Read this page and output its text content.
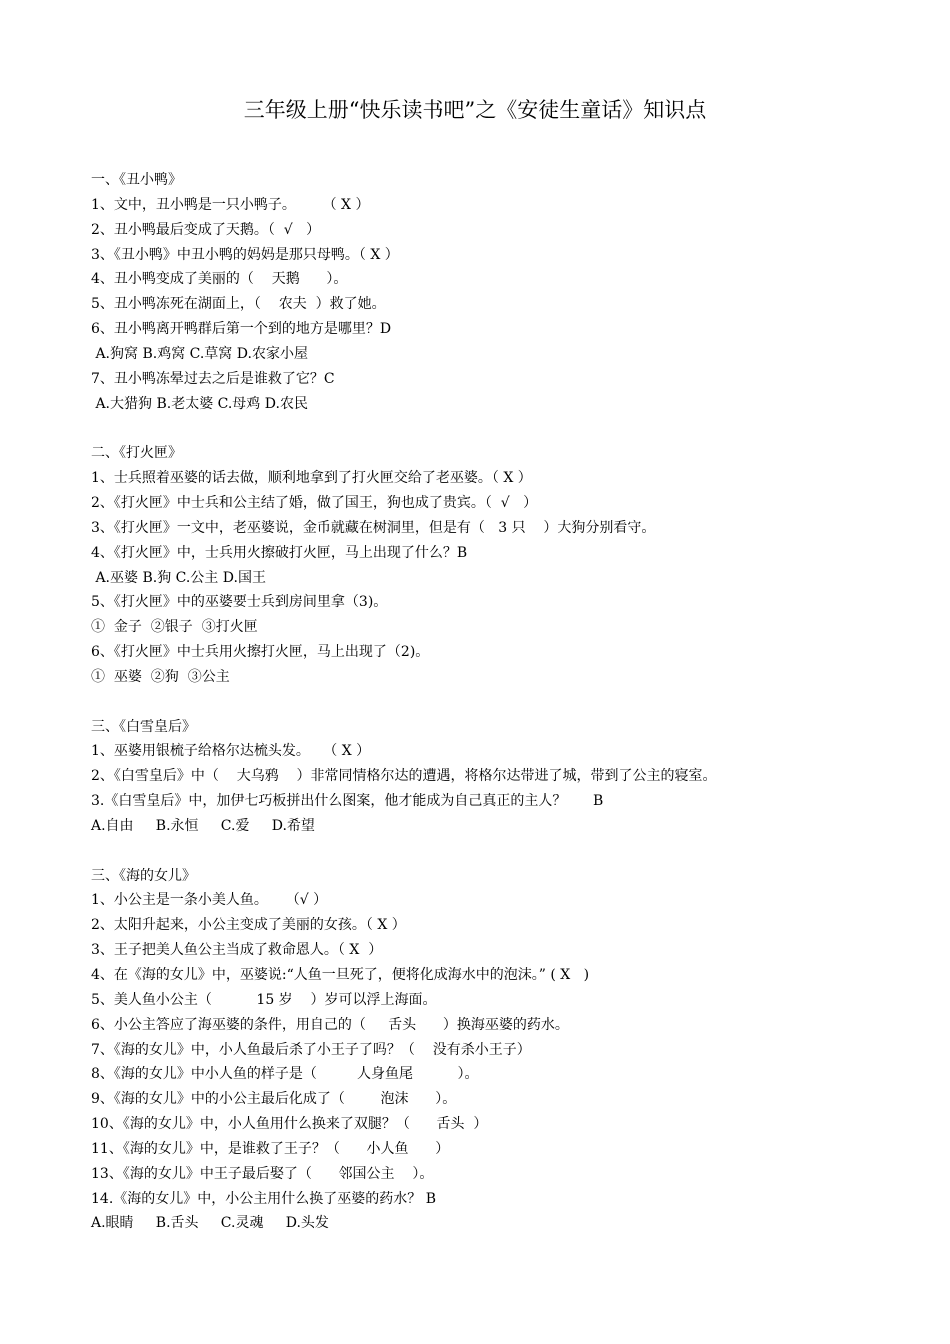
三年级上册“快乐读书吧”之《安徒生童话》知识点
一、《丑小鸭》
1、文中，丑小鸭是一只小鸭子。      （ X ）
2、丑小鸭最后变成了天鹅。（  √   ）
3、《丑小鸭》中丑小鸭的妈妈是那只母鸭。（ X ）
4、丑小鸭变成了美丽的（    天鹅      ）。
5、丑小鸭冻死在湖面上，（    农夫  ）救了她。
6、丑小鸭离开鸭群后第一个到的地方是哪里？D
A.狗窝 B.鸡窝 C.草窝 D.农家小屋
7、丑小鸭冻晕过去之后是谁救了它？C
A.大猎狗 B.老太婆 C.母鸡 D.农民
二、《打火匣》
1、士兵照着巫婆的话去做，顺利地拿到了打火匣交给了老巫婆。（ X ）
2、《打火匣》中士兵和公主结了婚，做了国王，狗也成了贵宾。（  √   ）
3、《打火匣》一文中，老巫婆说，金币就藏在树洞里，但是有（   3 只    ）大狗分别看守。
4、《打火匣》中，士兵用火擦破打火匣，马上出现了什么？B
A.巫婆 B.狗 C.公主 D.国王
5、《打火匣》中的巫婆要士兵到房间里拿（3)。
①  金子  ②银子  ③打火匣
6、《打火匣》中士兵用火擦打火匣，马上出现了（2)。
①  巫婆  ②狗  ③公主
三、《白雪皇后》
1、巫婆用银梳子给格尔达梳头发。   （ X ）
2、《白雪皇后》中（    大乌鸦    ）非常同情格尔达的遭遇，将格尔达带进了城，带到了公主的寝室。
3.《白雪皇后》中，加伊七巧板拼出什么图案，他才能成为自己真正的主人？      B
A.自由     B.永恒     C.爱     D.希望
三、《海的女儿》
1、小公主是一条小美人鱼。    （√ ）
2、太阳升起来，小公主变成了美丽的女孩。（ X ）
3、王子把美人鱼公主当成了救命恩人。（ X  ）
4、在《海的女儿》中，巫婆说:“人鱼一旦死了，便将化成海水中的泡沫。” ( X   )
5、美人鱼小公主（          15 岁    ）岁可以浮上海面。
6、小公主答应了海巫婆的条件，用自己的（     舌头      ）换海巫婆的药水。
7、《海的女儿》中，小人鱼最后杀了小王子了吗？（    没有杀小王子）
8、《海的女儿》中小人鱼的样子是（         人身鱼尾          ）。
9、《海的女儿》中的小公主最后化成了（        泡沫      ）。
10、《海的女儿》中，小人鱼用什么换来了双腿？（      舌头  ）
11、《海的女儿》中，是谁救了王子？（      小人鱼      ）
13、《海的女儿》中王子最后娶了（      邻国公主    ）。
14.《海的女儿》中，小公主用什么换了巫婆的药水？ B
A.眼睛     B.舌头     C.灵魂     D.头发
